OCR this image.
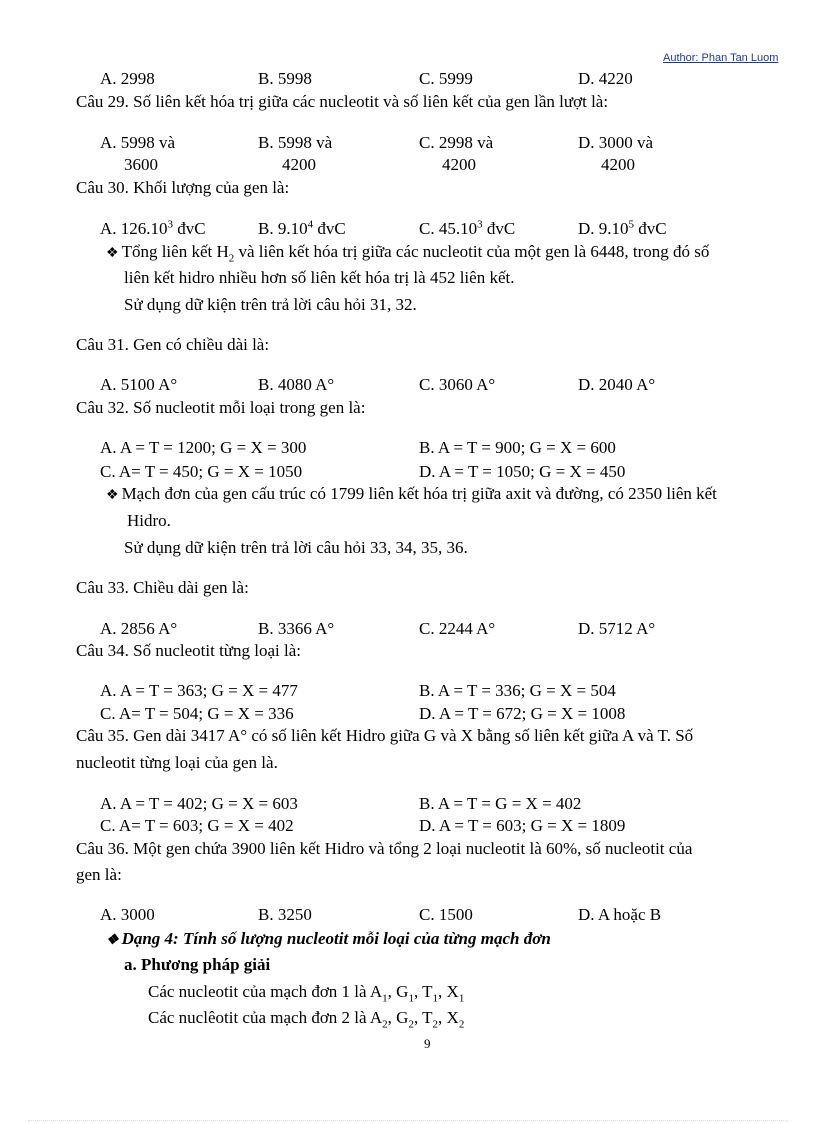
Author: Phan Tan Luom
A. 2998	B. 5998	C. 5999	D. 4220
Câu 29. Số liên kết hóa trị giữa các nucleotit và số liên kết của gen lần lượt là:
A. 5998 và
3600
B. 5998 và
4200
C. 2998 và
4200
D. 3000 và
4200
Câu 30. Khối lượng của gen là:
A. 126.10$^3$ đvC	B. 9.10$^4$ đvC	C. 45.10$^3$ đvC	D. 9.10$^5$ đvC
❖ Tổng liên kết $H_2$ và liên kết hóa trị giữa các nucleotit của một gen là 6448, trong đó số
liên kết hidro nhiều hơn số liên kết hóa trị là 452 liên kết.
Sử dụng dữ kiện trên trả lời câu hỏi 31, 32.
Câu 31. Gen có chiều dài là:
A. 5100 A°	B. 4080 A°	C. 3060 A°	D. 2040 A°
Câu 32. Số nucleotit mỗi loại trong gen là:
A. A = T = 1200; G = X = 300	B. A = T = 900; G = X = 600
C. A= T = 450; G = X = 1050	D. A = T = 1050; G = X = 450
❖ Mạch đơn của gen cấu trúc có 1799 liên kết hóa trị giữa axit và đường, có 2350 liên kết
Hidro.
Sử dụng dữ kiện trên trả lời câu hỏi 33, 34, 35, 36.
Câu 33. Chiều dài gen là:
A. 2856 A°	B. 3366 A°	C. 2244 A°	D. 5712 A°
Câu 34. Số nucleotit từng loại là:
A. A = T = 363; G = X = 477	B. A = T = 336; G = X = 504
C. A= T = 504; G = X = 336	D. A = T = 672; G = X = 1008
Câu 35. Gen dài 3417 A° có số liên kết Hidro giữa G và X bằng số liên kết giữa A và T. Số
nucleotit từng loại của gen là.
A. A = T = 402; G = X = 603	B. A = T = G = X = 402
C. A= T = 603; G = X = 402	D. A = T = 603; G = X = 1809
Câu 36. Một gen chứa 3900 liên kết Hidro và tổng 2 loại nucleotit là 60%, số nucleotit của
gen là:
A. 3000	B. 3250	C. 1500	D. A hoặc B
❖ Dạng 4: Tính số lượng nucleotit mỗi loại của từng mạch đơn
a. Phương pháp giải
Các nucleotit của mạch đơn 1 là $A_1$, $G_1$, $T_1$, $X_1$
Các nuclêotit của mạch đơn 2 là $A_2$, $G_2$, $T_2$, $X_2$
9
